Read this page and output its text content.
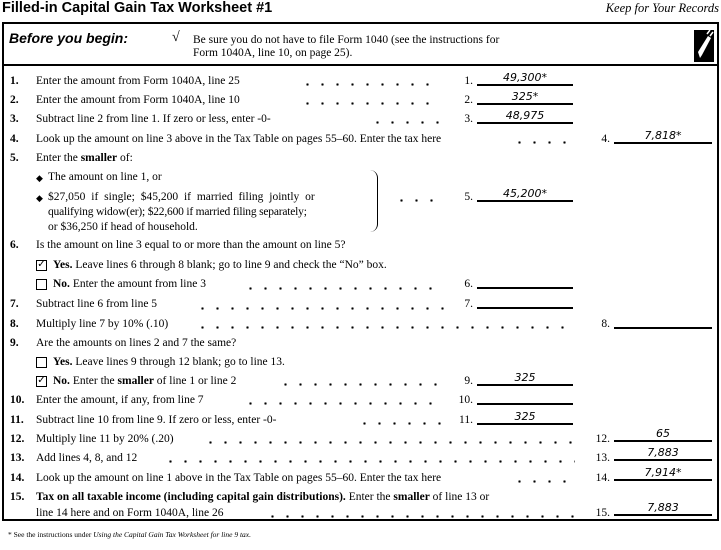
Filled-in Capital Gain Tax Worksheet #1	Keep for Your Records
Before you begin:	√ Be sure you do not have to file Form 1040 (see the instructions for
Form 1040A, line 10, on page 25).
1.	Enter the amount from Form 1040A, line 25	1.	49,300*
2.	Enter the amount from Form 1040A, line 10	2.	325*
3.	Subtract line 2 from line 1. If zero or less, enter -0-	3.	48,975
4.	Look up the amount on line 3 above in the Tax Table on pages 55–60. Enter the tax here	4.	7,818*
5.	Enter the smaller of:
◆ The amount on line 1, or
◆ $27,050 if single; $45,200 if married filing jointly or
qualifying widow(er); $22,600 if married filing separately;
or $36,250 if head of household.
5.	45,200*
6.	Is the amount on line 3 equal to or more than the amount on line 5?
✓ Yes. Leave lines 6 through 8 blank; go to line 9 and check the “No” box.
No. Enter the amount from line 3	6.
7.	Subtract line 6 from line 5	7.
8.	Multiply line 7 by 10% (.10)	8.
9.	Are the amounts on lines 2 and 7 the same?
Yes. Leave lines 9 through 12 blank; go to line 13.
✓ No. Enter the smaller of line 1 or line 2	9.	325
10.	Enter the amount, if any, from line 7	10.
11.	Subtract line 10 from line 9. If zero or less, enter -0-	11.	325
12.	Multiply line 11 by 20% (.20)	12.	65
13.	Add lines 4, 8, and 12	13.	7,883
14.	Look up the amount on line 1 above in the Tax Table on pages 55–60. Enter the tax here	14.	7,914*
15.	Tax on all taxable income (including capital gain distributions). Enter the smaller of line 13 or
line 14 here and on Form 1040A, line 26	15.	7,883
* See the instructions under Using the Capital Gain Tax Worksheet for line 9 tax.
